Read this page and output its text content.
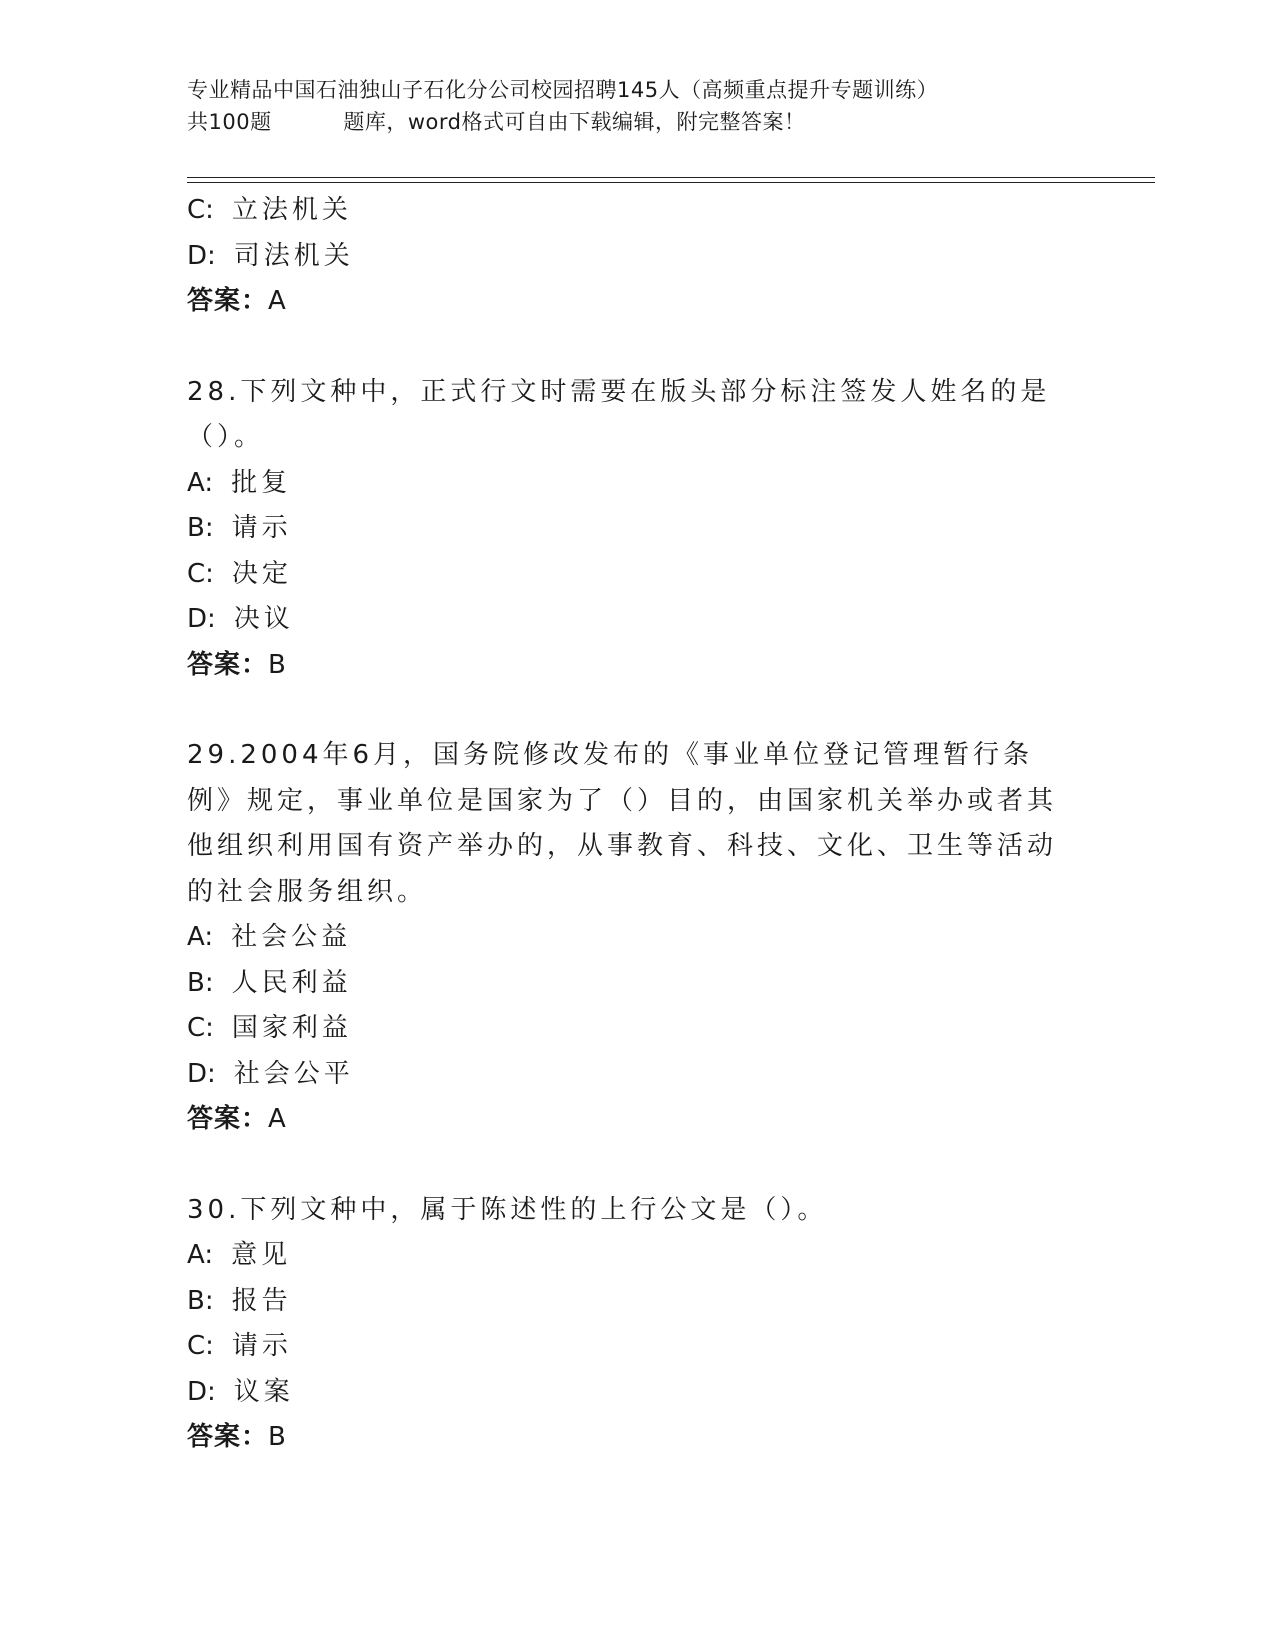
专业精品中国石油独山子石化分公司校园招聘145人（高频重点提升专题训练）
共100题          题库，word格式可自由下载编辑，附完整答案！
C: 立法机关
D: 司法机关
答案：A
28.下列文种中，正式行文时需要在版头部分标注签发人姓名的是（）。
A: 批复
B: 请示
C: 决定
D: 决议
答案：B
29.2004年6月，国务院修改发布的《事业单位登记管理暂行条例》规定，事业单位是国家为了（）目的，由国家机关举办或者其他组织利用国有资产举办的，从事教育、科技、文化、卫生等活动的社会服务组织。
A: 社会公益
B: 人民利益
C: 国家利益
D: 社会公平
答案：A
30.下列文种中，属于陈述性的上行公文是（）。
A: 意见
B: 报告
C: 请示
D: 议案
答案：B
